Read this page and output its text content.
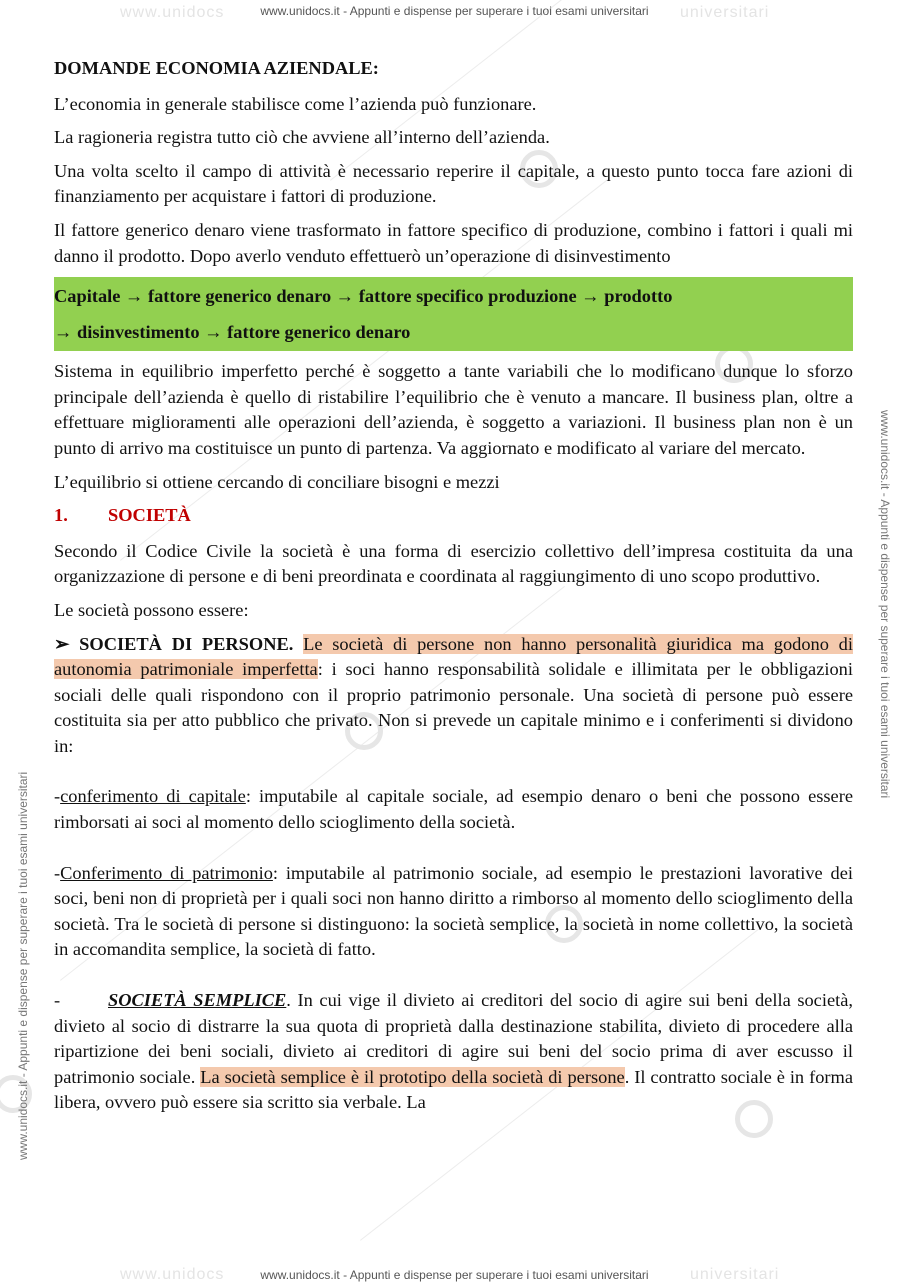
www.unidocs	universitari
www.unidocs	universitari
www.unidocs.it - Appunti e dispense per superare i tuoi esami universitari
www.unidocs.it - Appunti e dispense per superare i tuoi esami universitari
www.unidocs.it - Appunti e dispense per superare i tuoi esami universitari
www.unidocs.it - Appunti e dispense per superare i tuoi esami universitari

DOMANDE ECONOMIA AZIENDALE:

L’economia in generale stabilisce come l’azienda può funzionare.

La ragioneria registra tutto ciò che avviene all’interno dell’azienda.

Una volta scelto il campo di attività è necessario reperire il capitale, a questo punto tocca fare azioni di finanziamento per acquistare i fattori di produzione.

Il fattore generico denaro viene trasformato in fattore specifico di produzione, combino i fattori i quali mi danno il prodotto. Dopo averlo venduto effettuerò un’operazione di disinvestimento

Capitale → fattore generico denaro → fattore specifico produzione → prodotto
→ disinvestimento → fattore generico denaro

Sistema in equilibrio imperfetto perché è soggetto a tante variabili che lo modificano dunque lo sforzo principale dell’azienda è quello di ristabilire l’equilibrio che è venuto a mancare. Il business plan, oltre a effettuare miglioramenti alle operazioni dell’azienda, è soggetto a variazioni. Il business plan non è un punto di arrivo ma costituisce un punto di partenza. Va aggiornato e modificato al variare del mercato.

L’equilibrio si ottiene cercando di conciliare bisogni e mezzi

1. SOCIETÀ

Secondo il Codice Civile la società è una forma di esercizio collettivo dell’impresa costituita da una organizzazione di persone e di beni preordinata e coordinata al raggiungimento di uno scopo produttivo.

Le società possono essere:

➢ SOCIETÀ DI PERSONE. Le società di persone non hanno personalità giuridica ma godono di autonomia patrimoniale imperfetta: i soci hanno responsabilità solidale e illimitata per le obbligazioni sociali delle quali rispondono con il proprio patrimonio personale. Una società di persone può essere costituita sia per atto pubblico che privato. Non si prevede un capitale minimo e i conferimenti si dividono in:

-conferimento di capitale: imputabile al capitale sociale, ad esempio denaro o beni che possono essere rimborsati ai soci al momento dello scioglimento della società.

-Conferimento di patrimonio: imputabile al patrimonio sociale, ad esempio le prestazioni lavorative dei soci, beni non di proprietà per i quali soci non hanno diritto a rimborso al momento dello scioglimento della società. Tra le società di persone si distinguono: la società semplice, la società in nome collettivo, la società in accomandita semplice, la società di fatto.

-	SOCIETÀ SEMPLICE. In cui vige il divieto ai creditori del socio di agire sui beni della società, divieto al socio di distrarre la sua quota di proprietà dalla destinazione stabilita, divieto di procedere alla ripartizione dei beni sociali, divieto ai creditori di agire sui beni del socio prima di aver escusso il patrimonio sociale. La società semplice è il prototipo della società di persone. Il contratto sociale è in forma libera, ovvero può essere sia scritto sia verbale. La
